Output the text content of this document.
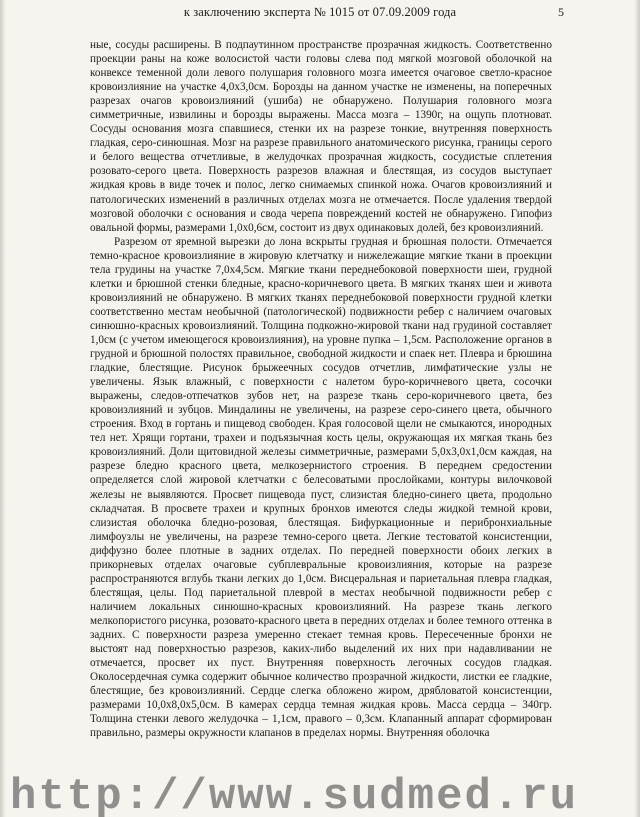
к заключению эксперта № 1015 от 07.09.2009 года	5

ные, сосуды расширены. В подпаутинном пространстве прозрачная жидкость. Соответственно проекции раны на коже волосистой части головы слева под мягкой мозговой оболочкой на конвексе теменной доли левого полушария головного мозга имеется очаговое светло-красное кровоизлияние на участке 4,0х3,0см. Борозды на данном участке не изменены, на поперечных разрезах очагов кровоизлияний (ушиба) не обнаружено. Полушария головного мозга симметричные, извилины и борозды выражены. Масса мозга – 1390г, на ощупь плотноват. Сосуды основания мозга спавшиеся, стенки их на разрезе тонкие, внутренняя поверхность гладкая, серо-синюшная. Мозг на разрезе правильного анатомического рисунка, границы серого и белого вещества отчетливые, в желудочках прозрачная жидкость, сосудистые сплетения розовато-серого цвета. Поверхность разрезов влажная и блестящая, из сосудов выступает жидкая кровь в виде точек и полос, легко снимаемых спинкой ножа. Очагов кровоизлияний и патологических изменений в различных отделах мозга не отмечается. После удаления твердой мозговой оболочки с основания и свода черепа повреждений костей не обнаружено. Гипофиз овальной формы, размерами 1,0х0,6см, состоит из двух одинаковых долей, без кровоизлияний.

Разрезом от яремной вырезки до лона вскрыты грудная и брюшная полости. Отмечается темно-красное кровоизлияние в жировую клетчатку и нижележащие мягкие ткани в проекции тела грудины на участке 7,0х4,5см. Мягкие ткани переднебоковой поверхности шеи, грудной клетки и брюшной стенки бледные, красно-коричневого цвета. В мягких тканях шеи и живота кровоизлияний не обнаружено. В мягких тканях переднебоковой поверхности грудной клетки соответственно местам необычной (патологической) подвижности ребер с наличием очаговых синюшно-красных кровоизлияний. Толщина подкожно-жировой ткани над грудиной составляет 1,0см (с учетом имеющегося кровоизлияния), на уровне пупка – 1,5см. Расположение органов в грудной и брюшной полостях правильное, свободной жидкости и спаек нет. Плевра и брюшина гладкие, блестящие. Рисунок брыжеечных сосудов отчетлив, лимфатические узлы не увеличены. Язык влажный, с поверхности с налетом буро-коричневого цвета, сосочки выражены, следов-отпечатков зубов нет, на разрезе ткань серо-коричневого цвета, без кровоизлияний и зубцов. Миндалины не увеличены, на разрезе серо-синего цвета, обычного строения. Вход в гортань и пищевод свободен. Края голосовой щели не смыкаются, инородных тел нет. Хрящи гортани, трахеи и подъязычная кость целы, окружающая их мягкая ткань без кровоизлияний. Доли щитовидной железы симметричные, размерами 5,0х3,0х1,0см каждая, на разрезе бледно красного цвета, мелкозернистого строения. В переднем средостении определяется слой жировой клетчатки с белесоватыми прослойками, контуры вилочковой железы не выявляются. Просвет пищевода пуст, слизистая бледно-синего цвета, продольно складчатая. В просвете трахеи и крупных бронхов имеются следы жидкой темной крови, слизистая оболочка бледно-розовая, блестящая. Бифуркационные и перибронхиальные лимфоузлы не увеличены, на разрезе темно-серого цвета. Легкие тестоватой консистенции, диффузно более плотные в задних отделах. По передней поверхности обоих легких в прикорневых отделах очаговые субплевральные кровоизлияния, которые на разрезе распространяются вглубь ткани легких до 1,0см. Висцеральная и париетальная плевра гладкая, блестящая, целы. Под париетальной плеврой в местах необычной подвижности ребер с наличием локальных синюшно-красных кровоизлияний. На разрезе ткань легкого мелкопористого рисунка, розовато-красного цвета в передних отделах и более темного оттенка в задних. С поверхности разреза умеренно стекает темная кровь. Пересеченные бронхи не выстоят над поверхностью разрезов, каких-либо выделений их них при надавливании не отмечается, просвет их пуст. Внутренняя поверхность легочных сосудов гладкая. Околосердечная сумка содержит обычное количество прозрачной жидкости, листки ее гладкие, блестящие, без кровоизлияний. Сердце слегка обложено жиром, дрябловатой консистенции, размерами 10,0х8,0х5,0см. В камерах сердца темная жидкая кровь. Масса сердца – 340гр. Толщина стенки левого желудочка – 1,1см, правого – 0,3см. Клапанный аппарат сформирован правильно, размеры окружности клапанов в пределах нормы. Внутренняя оболочка

http://www.sudmed.ru
